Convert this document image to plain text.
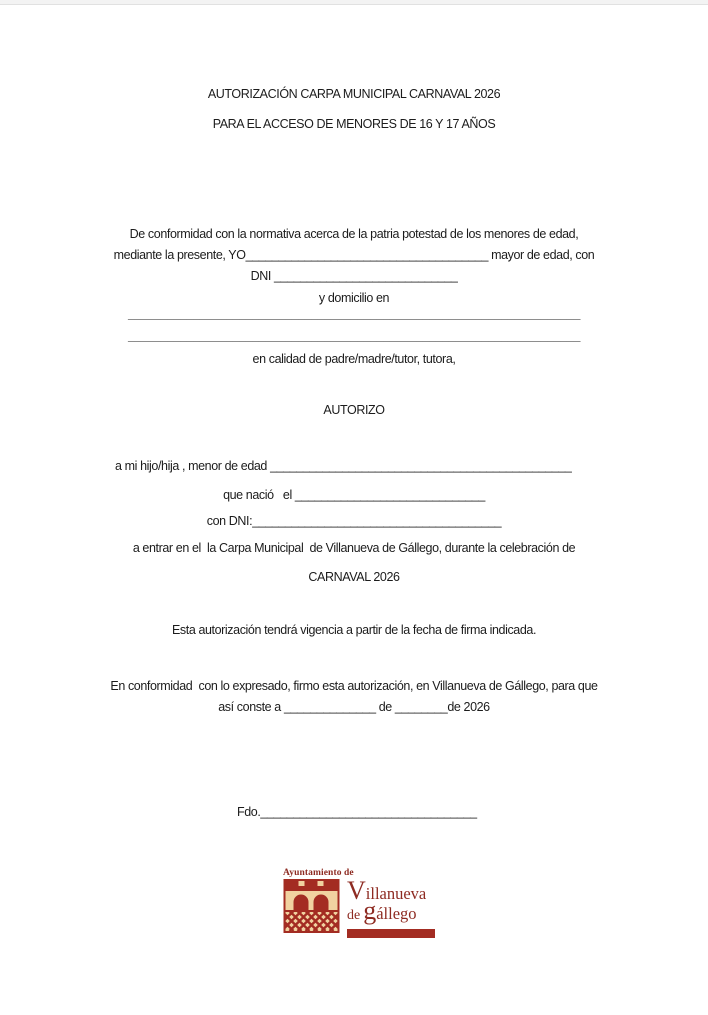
AUTORIZACIÓN CARPA MUNICIPAL CARNAVAL 2026
PARA EL ACCESO DE MENORES DE 16 Y 17 AÑOS
De conformidad con la normativa acerca de la patria potestad de los menores de edad,
mediante la presente, YO_____________________________________ mayor de edad, con
DNI ____________________________
y domicilio en
_____________________________________________________________________
_____________________________________________________________________
en calidad de padre/madre/tutor, tutora,
AUTORIZO
a mi hijo/hija , menor de edad ______________________________________________
que nació   el _____________________________
con DNI:______________________________________
a entrar en el  la Carpa Municipal  de Villanueva de Gállego, durante la celebración de
CARNAVAL 2026
Esta autorización tendrá vigencia a partir de la fecha de firma indicada.
En conformidad  con lo expresado, firmo esta autorización, en Villanueva de Gállego, para que
así conste a ______________ de ________de 2026
Fdo._________________________________
Ayuntamiento de
V illanueva
de g állego
